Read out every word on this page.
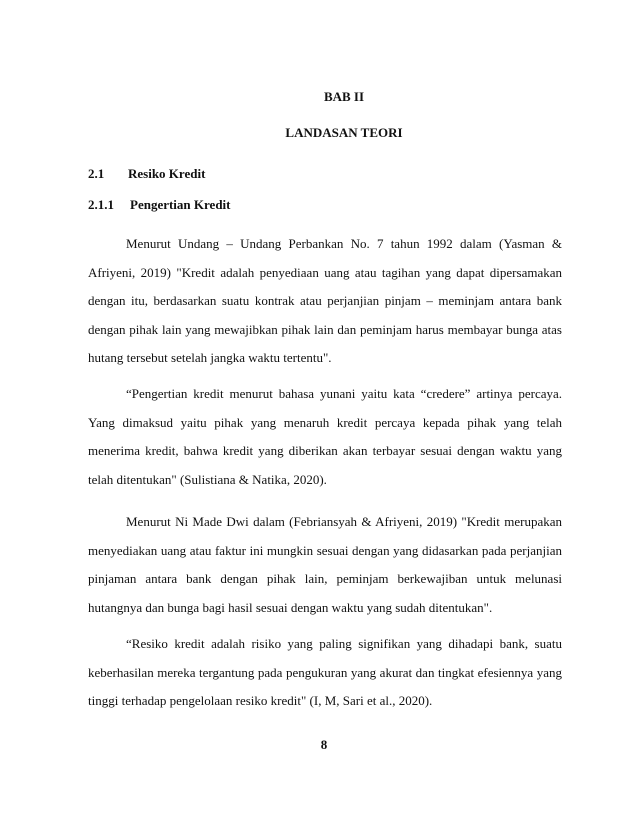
BAB II

LANDASAN TEORI

2.1 Resiko Kredit

2.1.1 Pengertian Kredit

Menurut Undang – Undang Perbankan No. 7 tahun 1992 dalam (Yasman & Afriyeni, 2019) "Kredit adalah penyediaan uang atau tagihan yang dapat dipersamakan dengan itu, berdasarkan suatu kontrak atau perjanjian pinjam – meminjam antara bank dengan pihak lain yang mewajibkan pihak lain dan peminjam harus membayar bunga atas hutang tersebut setelah jangka waktu tertentu".

“Pengertian kredit menurut bahasa yunani yaitu kata “credere” artinya percaya. Yang dimaksud yaitu pihak yang menaruh kredit percaya kepada pihak yang telah menerima kredit, bahwa kredit yang diberikan akan terbayar sesuai dengan waktu yang telah ditentukan" (Sulistiana & Natika, 2020).

Menurut Ni Made Dwi dalam (Febriansyah & Afriyeni, 2019) "Kredit merupakan menyediakan uang atau faktur ini mungkin sesuai dengan yang didasarkan pada perjanjian pinjaman antara bank dengan pihak lain, peminjam berkewajiban untuk melunasi hutangnya dan bunga bagi hasil sesuai dengan waktu yang sudah ditentukan".

“Resiko kredit adalah risiko yang paling signifikan yang dihadapi bank, suatu keberhasilan mereka tergantung pada pengukuran yang akurat dan tingkat efesiennya yang tinggi terhadap pengelolaan resiko kredit" (I, M, Sari et al., 2020).

8
